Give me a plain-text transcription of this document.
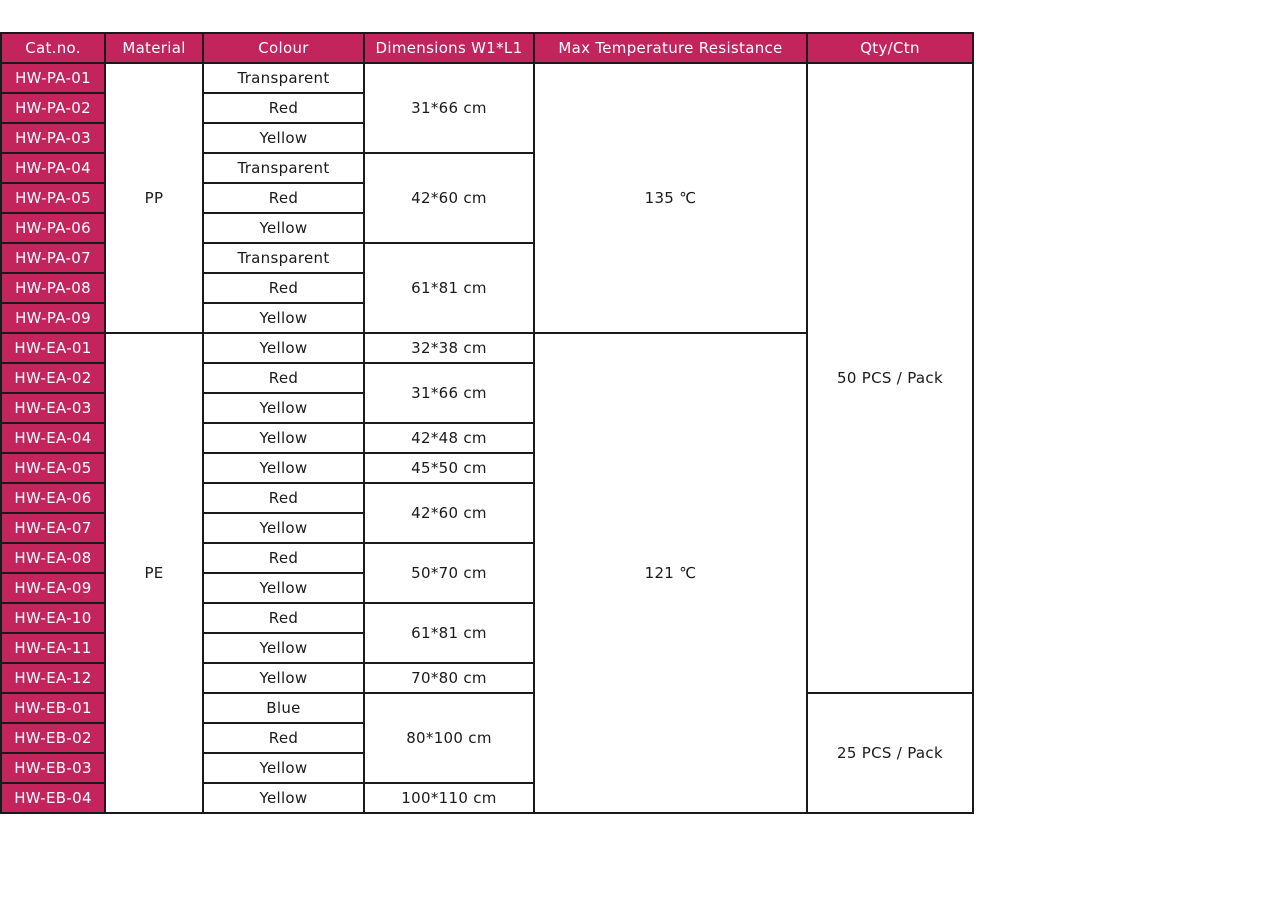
Cat.no.	Material	Colour	Dimensions W1*L1	Max Temperature Resistance	Qty/Ctn
HW-PA-01	PP	Transparent	31*66 cm	135 ℃	50 PCS / Pack
HW-PA-02		Red			
HW-PA-03		Yellow			
HW-PA-04		Transparent	42*60 cm		
HW-PA-05		Red			
HW-PA-06		Yellow			
HW-PA-07		Transparent	61*81 cm		
HW-PA-08		Red			
HW-PA-09		Yellow			
HW-EA-01	PE	Yellow	32*38 cm	121 ℃	
HW-EA-02		Red	31*66 cm		
HW-EA-03		Yellow			
HW-EA-04		Yellow	42*48 cm		
HW-EA-05		Yellow	45*50 cm		
HW-EA-06		Red	42*60 cm		
HW-EA-07		Yellow			
HW-EA-08		Red	50*70 cm		
HW-EA-09		Yellow			
HW-EA-10		Red	61*81 cm		
HW-EA-11		Yellow			
HW-EA-12		Yellow	70*80 cm		
HW-EB-01		Blue	80*100 cm		25 PCS / Pack
HW-EB-02		Red			
HW-EB-03		Yellow			
HW-EB-04		Yellow	100*110 cm		
